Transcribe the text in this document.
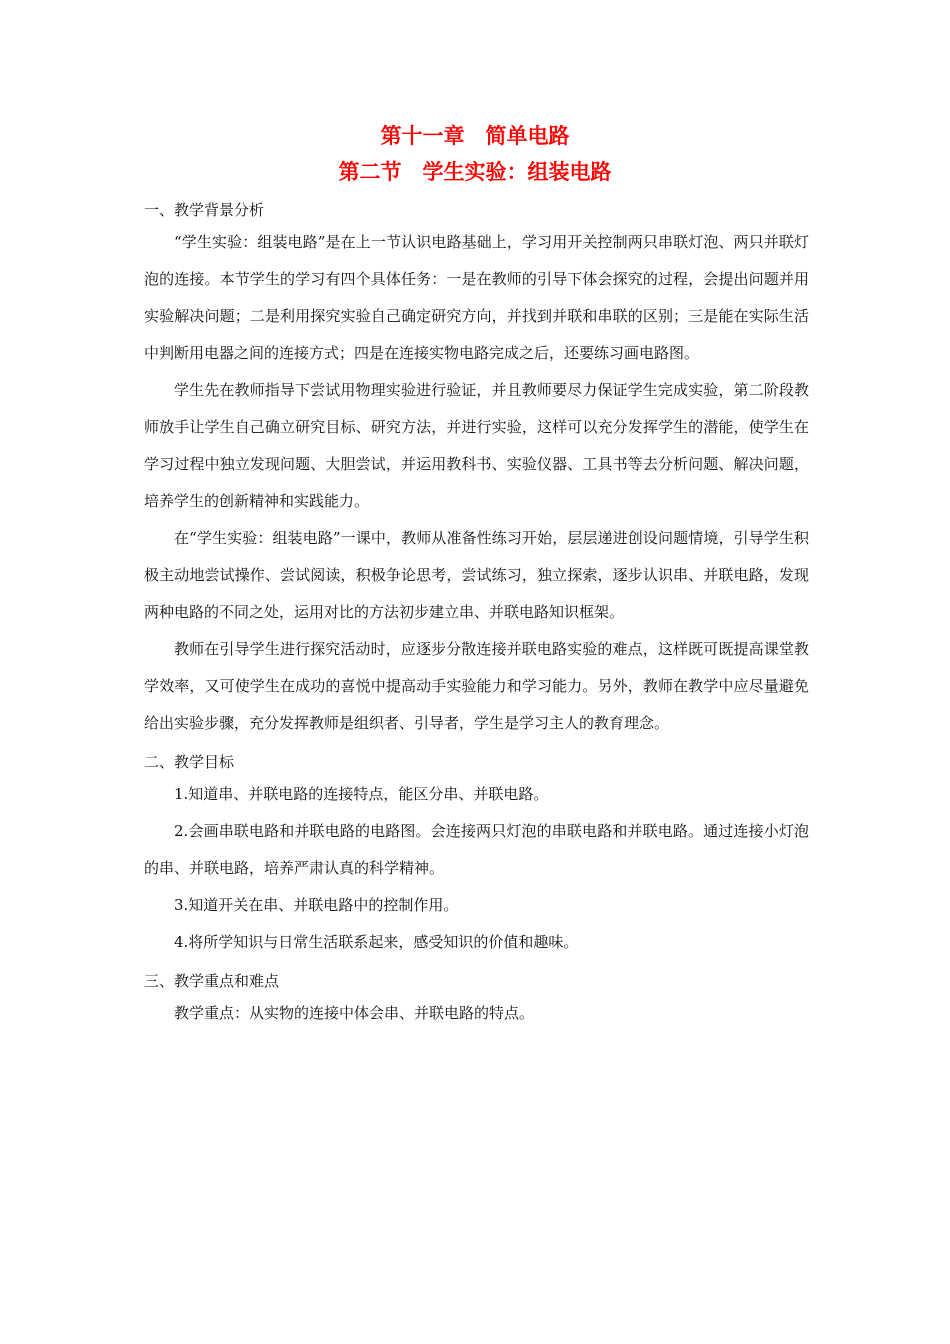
第十一章　简单电路
第二节　学生实验：组装电路

一、教学背景分析

“学生实验：组装电路”是在上一节认识电路基础上，学习用开关控制两只串联灯泡、两只并联灯泡的连接。本节学生的学习有四个具体任务：一是在教师的引导下体会探究的过程，会提出问题并用实验解决问题；二是利用探究实验自己确定研究方向，并找到并联和串联的区别；三是能在实际生活中判断用电器之间的连接方式；四是在连接实物电路完成之后，还要练习画电路图。

学生先在教师指导下尝试用物理实验进行验证，并且教师要尽力保证学生完成实验，第二阶段教师放手让学生自己确立研究目标、研究方法，并进行实验，这样可以充分发挥学生的潜能，使学生在学习过程中独立发现问题、大胆尝试，并运用教科书、实验仪器、工具书等去分析问题、解决问题，培养学生的创新精神和实践能力。

在“学生实验：组装电路”一课中，教师从准备性练习开始，层层递进创设问题情境，引导学生积极主动地尝试操作、尝试阅读，积极争论思考，尝试练习，独立探索，逐步认识串、并联电路，发现两种电路的不同之处，运用对比的方法初步建立串、并联电路知识框架。

教师在引导学生进行探究活动时，应逐步分散连接并联电路实验的难点，这样既可既提高课堂教学效率，又可使学生在成功的喜悦中提高动手实验能力和学习能力。另外，教师在教学中应尽量避免给出实验步骤，充分发挥教师是组织者、引导者，学生是学习主人的教育理念。

二、教学目标

1.知道串、并联电路的连接特点，能区分串、并联电路。

2.会画串联电路和并联电路的电路图。会连接两只灯泡的串联电路和并联电路。通过连接小灯泡的串、并联电路，培养严肃认真的科学精神。

3.知道开关在串、并联电路中的控制作用。

4.将所学知识与日常生活联系起来，感受知识的价值和趣味。

三、教学重点和难点

教学重点：从实物的连接中体会串、并联电路的特点。
